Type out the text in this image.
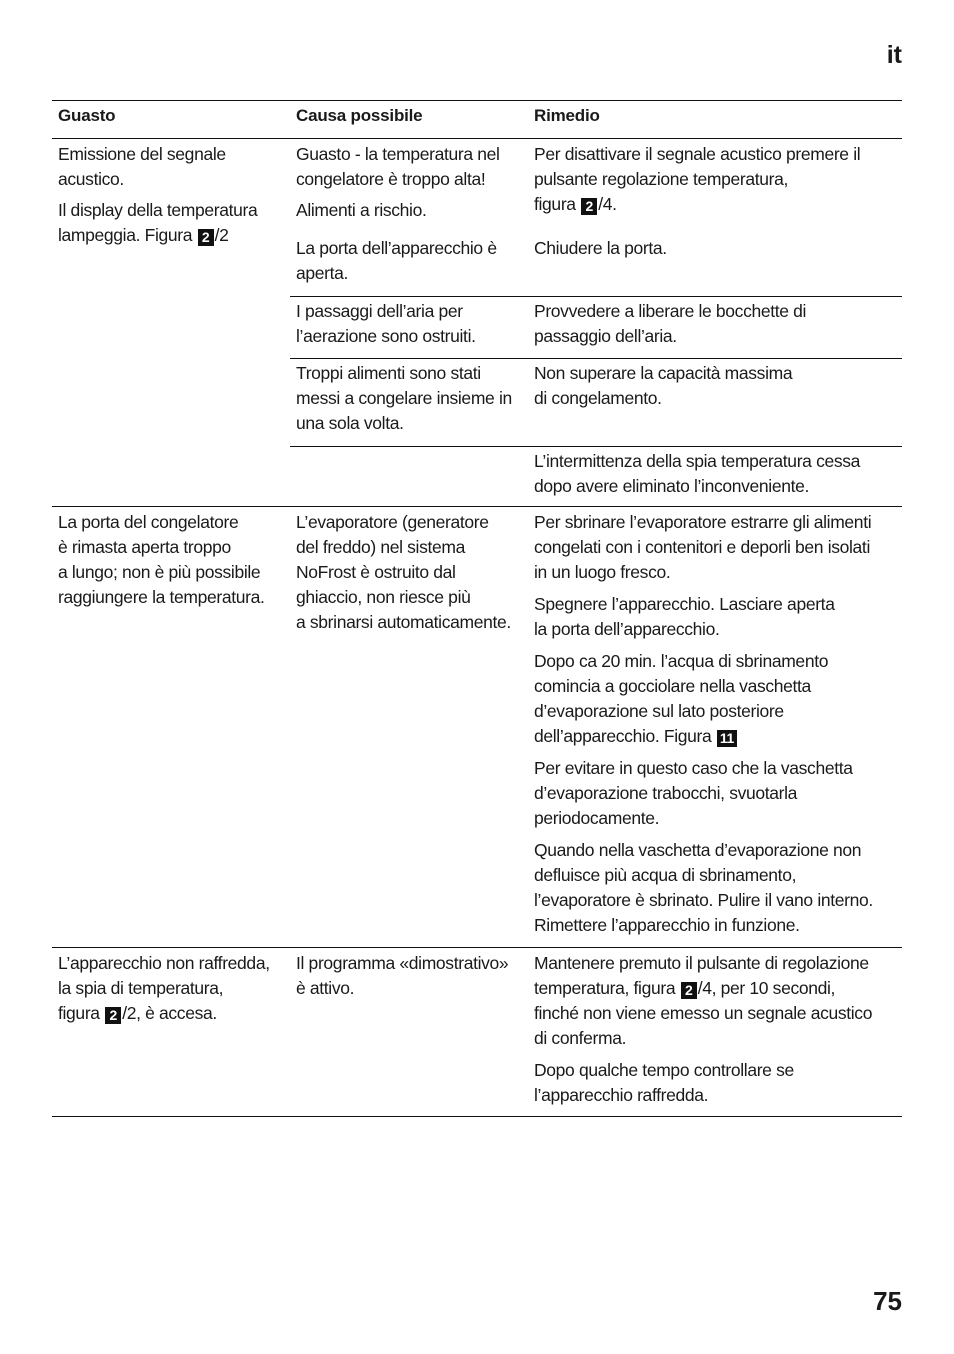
it
Guasto	Causa possibile	Rimedio

Emissione del segnale

acustico.

Il display della temperatura

lampeggia. Figura 2 /2

Guasto - la temperatura nel

congelatore è troppo alta!

Alimenti a rischio.

La porta dell’apparecchio è

aperta.

Per disattivare il segnale acustico premere il

pulsante regolazione temperatura,

figura 2 /4.

Chiudere la porta.

I passaggi dell’aria per

l’aerazione sono ostruiti.

Provvedere a liberare le bocchette di

passaggio dell’aria.

Troppi alimenti sono stati

messi a congelare insieme in

una sola volta.

Non superare la capacità massima

di congelamento.

L’intermittenza della spia temperatura cessa

dopo avere eliminato l’inconveniente.

La porta del congelatore

è rimasta aperta troppo

a lungo; non è più possibile

raggiungere la temperatura.

L’evaporatore (generatore

del freddo) nel sistema

NoFrost è ostruito dal

ghiaccio, non riesce più

a sbrinarsi automaticamente.

Per sbrinare l’evaporatore estrarre gli alimenti

congelati con i contenitori e deporli ben isolati

in un luogo fresco.

Spegnere l’apparecchio. Lasciare aperta

la porta dell’apparecchio.

Dopo ca 20 min. l’acqua di sbrinamento

comincia a gocciolare nella vaschetta

d’evaporazione sul lato posteriore

dell’apparecchio. Figura 11

Per evitare in questo caso che la vaschetta

d’evaporazione trabocchi, svuotarla

periodocamente.

Quando nella vaschetta d’evaporazione non

defluisce più acqua di sbrinamento,

l’evaporatore è sbrinato. Pulire il vano interno.

Rimettere l’apparecchio in funzione.

L’apparecchio non raffredda,

la spia di temperatura,

figura 2 /2, è accesa.

Il programma «dimostrativo»

è attivo.

Mantenere premuto il pulsante di regolazione

temperatura, figura 2 /4, per 10 secondi,

finché non viene emesso un segnale acustico

di conferma.

Dopo qualche tempo controllare se

l’apparecchio raffredda.

75
